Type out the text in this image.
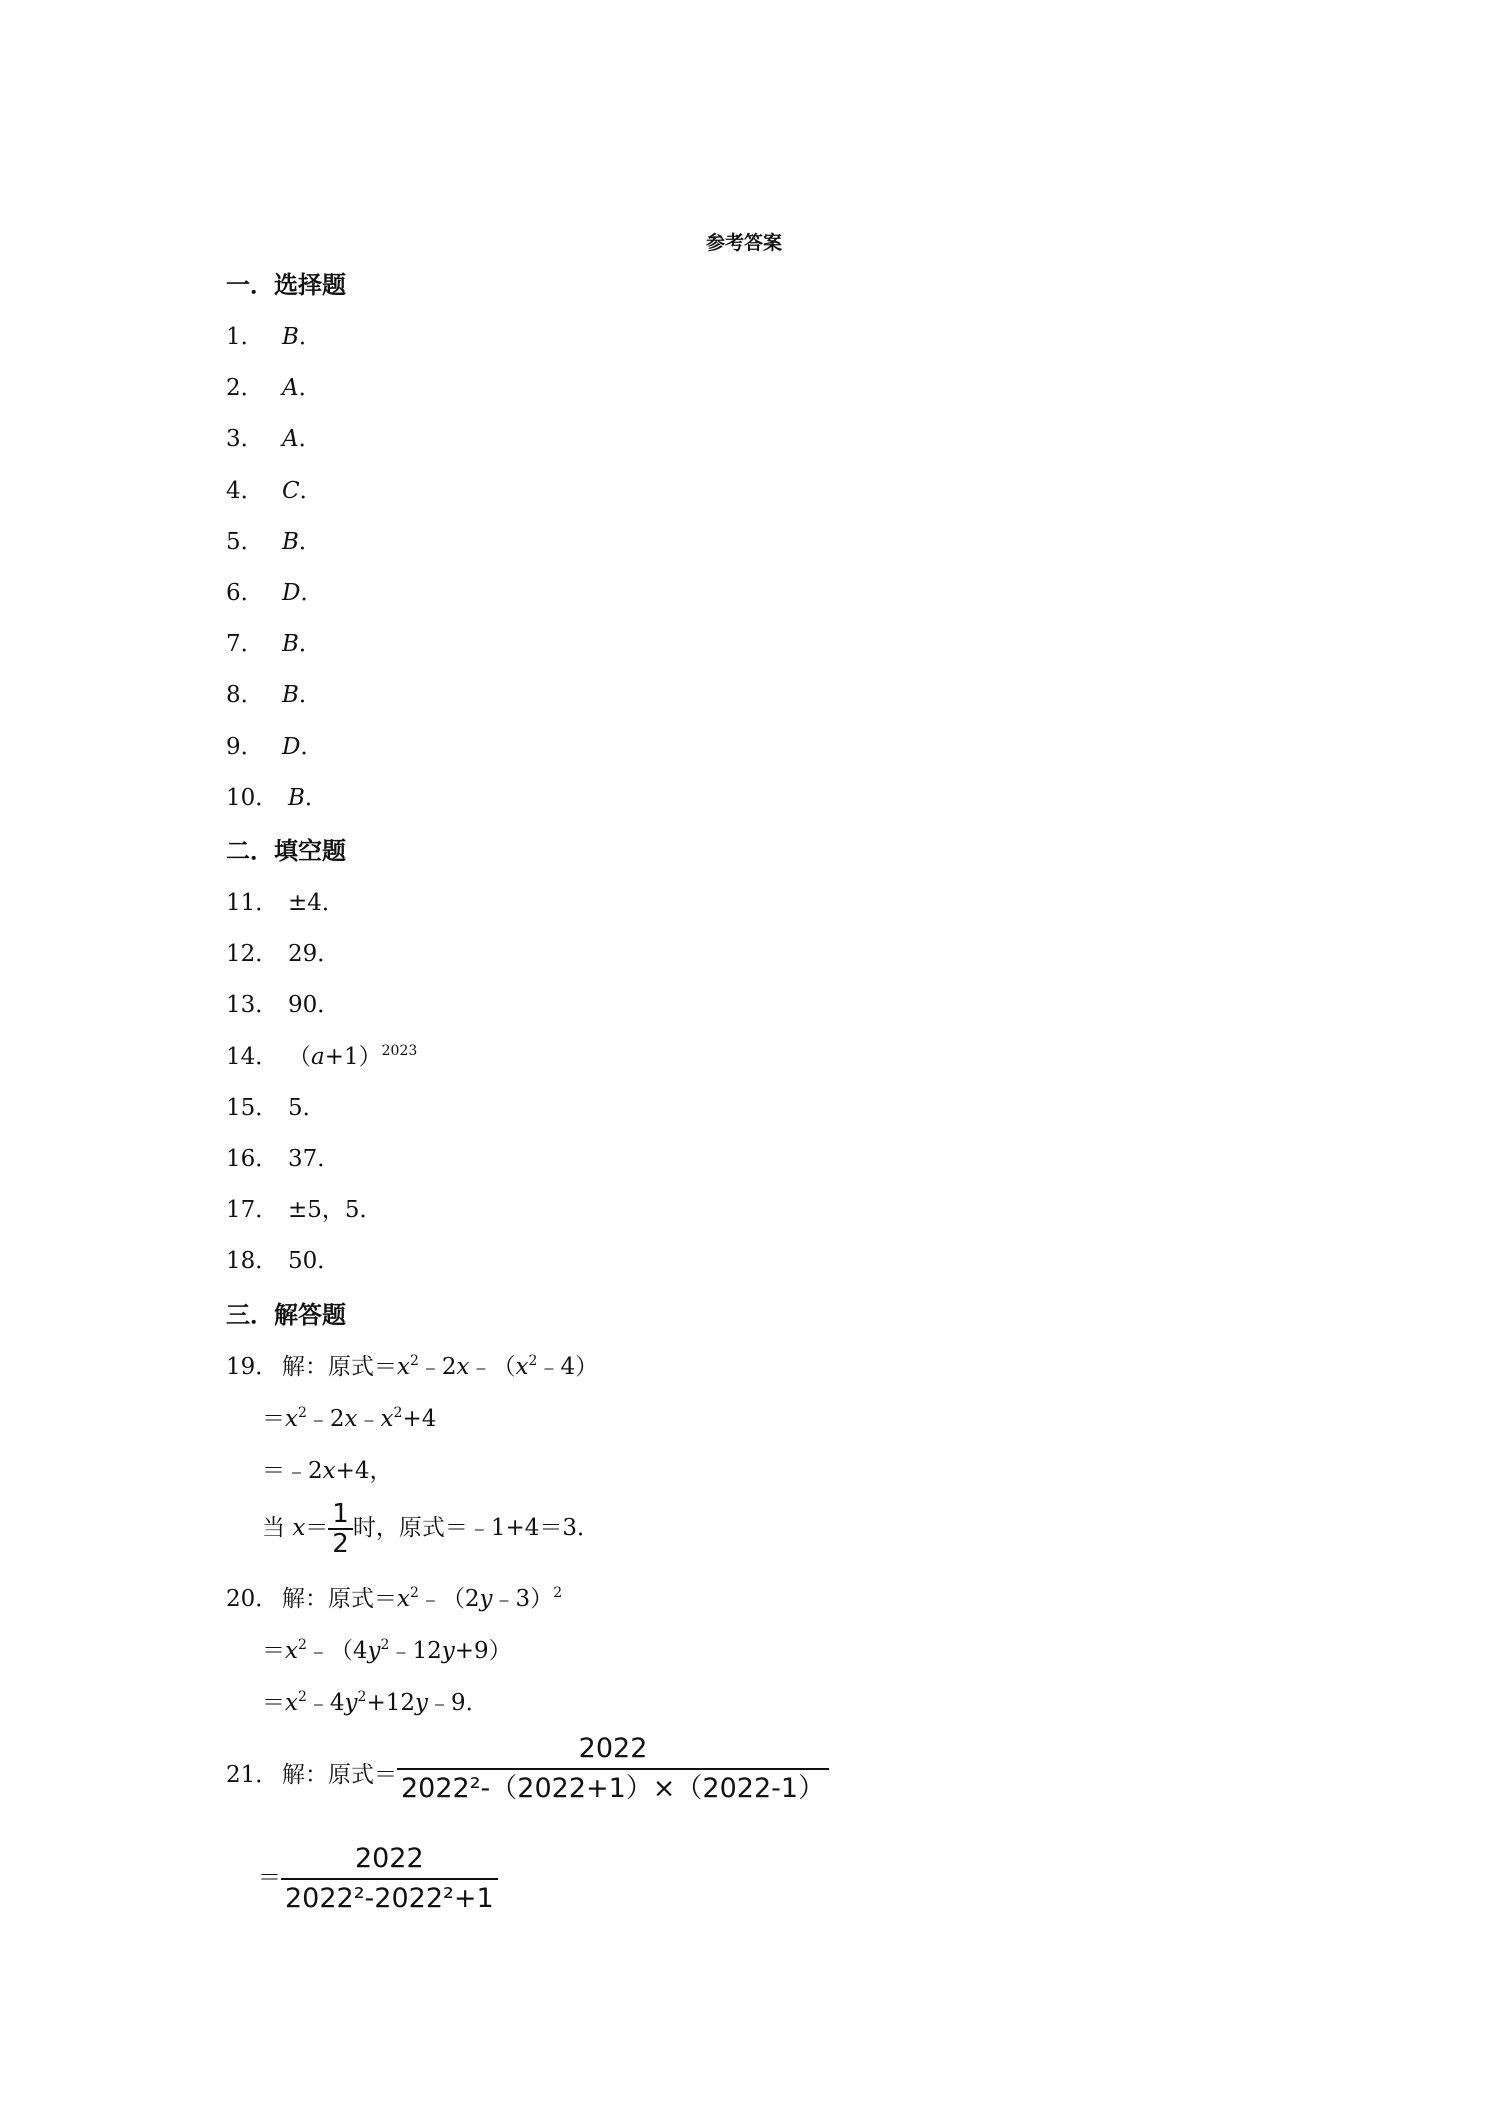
参考答案
一．选择题
1． B．
2． A．
3． A．
4． C．
5． B．
6． D．
7． B．
8． B．
9． D．
10． B．
二．填空题
11． ±4．
12． 29．
13． 90．
14． $(a+1)^{2023}$
15． 5．
16． 37．
17． ±5，5．
18． 50．
三．解答题
19． 解：原式$=x^2﹣2x﹣(x^2﹣4)$
$=x^2﹣2x﹣x^2+4$
＝﹣2x+4，
当 $x= \frac{1}{2}$ 时，原式＝﹣1+4＝3．
20． 解：原式$=x^2﹣(2y﹣3)^2$
$=x^2﹣(4y^2﹣12y+9)$
$=x^2﹣4y^2+12y﹣9$．
21． 解：原式＝ $\frac{2022}{\text{2022²-（2022+1）×（2022-1）}}$
＝ $\frac{2022}{\text{2022²-2022²+1}}$
